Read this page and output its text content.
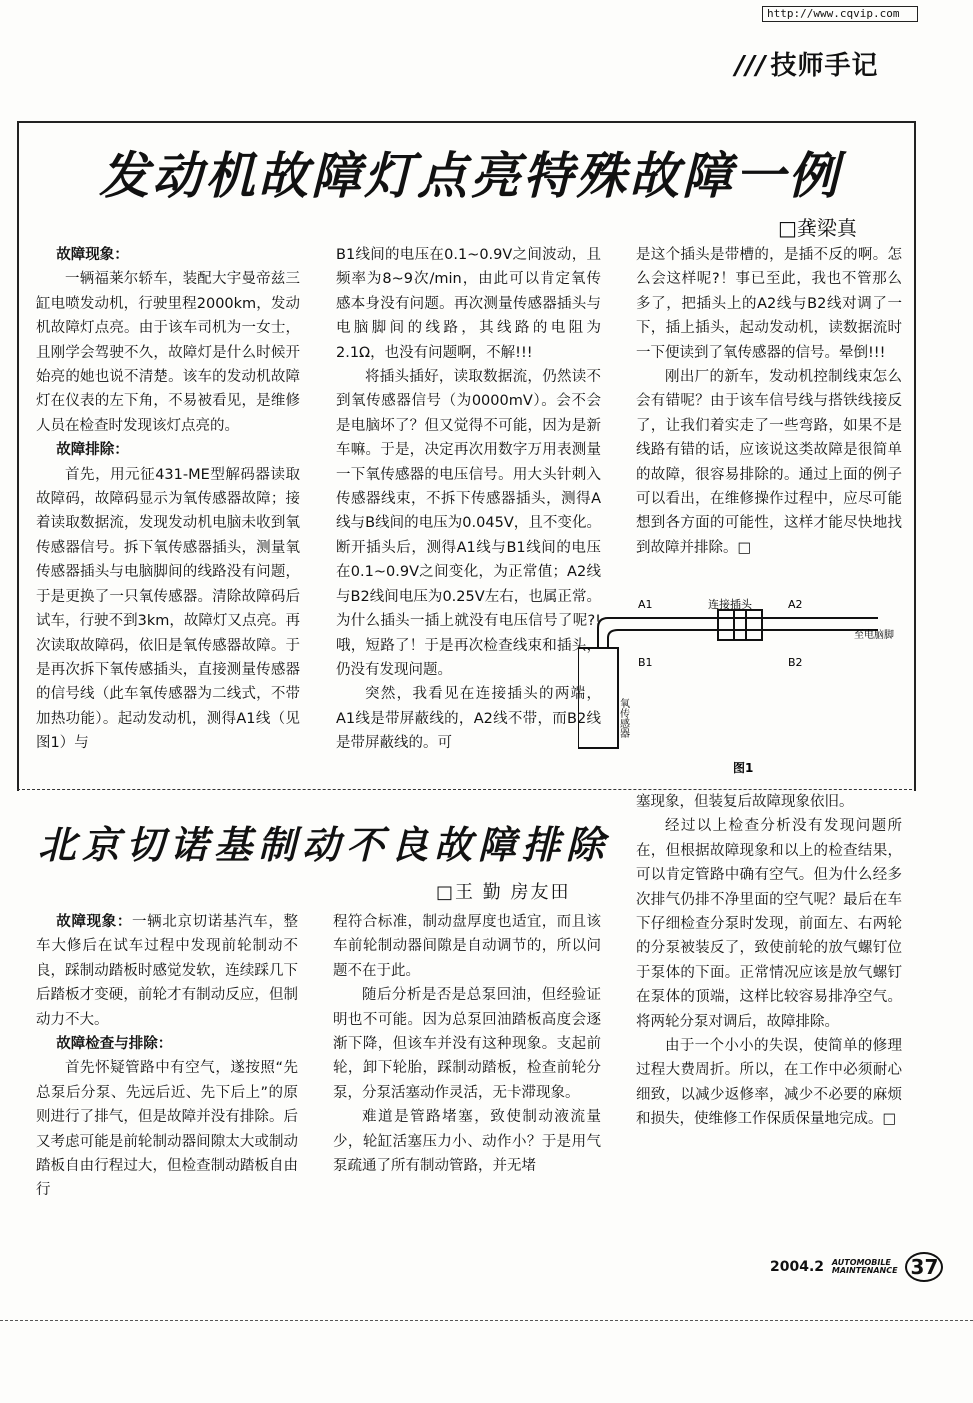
http://www.cqvip.com
/// 技师手记
发动机故障灯点亮特殊故障一例
□龚梁真

故障现象：

一辆福莱尔轿车，装配大宇曼帝兹三缸电喷发动机，行驶里程2000km，发动机故障灯点亮。由于该车司机为一女士，且刚学会驾驶不久，故障灯是什么时候开始亮的她也说不清楚。该车的发动机故障灯在仪表的左下角，不易被看见，是维修人员在检查时发现该灯点亮的。

故障排除：

首先，用元征431-ME型解码器读取故障码，故障码显示为氧传感器故障；接着读取数据流，发现发动机电脑未收到氧传感器信号。拆下氧传感器插头，测量氧传感器插头与电脑脚间的线路没有问题，于是更换了一只氧传感器。清除故障码后试车，行驶不到3km，故障灯又点亮。再次读取故障码，依旧是氧传感器故障。于是再次拆下氧传感插头，直接测量传感器的信号线（此车氧传感器为二线式，不带加热功能）。起动发动机，测得A1线（见图1）与

B1线间的电压在0.1~0.9V之间波动，且频率为8~9次/min，由此可以肯定氧传感本身没有问题。再次测量传感器插头与电脑脚间的线路，其线路的电阻为2.1Ω，也没有问题啊，不解!!!

将插头插好，读取数据流，仍然读不到氧传感器信号（为0000mV）。会不会是电脑坏了？但又觉得不可能，因为是新车嘛。于是，决定再次用数字万用表测量一下氧传感器的电压信号。用大头针刺入传感器线束，不拆下传感器插头，测得A线与B线间的电压为0.045V，且不变化。断开插头后，测得A1线与B1线间的电压在0.1~0.9V之间变化，为正常值；A2线与B2线间电压为0.25V左右，也属正常。为什么插头一插上就没有电压信号了呢?!哦，短路了！于是再次检查线束和插头，仍没有发现问题。

突然，我看见在连接插头的两端，A1线是带屏蔽线的，A2线不带，而B2线是带屏蔽线的。可

是这个插头是带槽的，是插不反的啊。怎么会这样呢?！事已至此，我也不管那么多了，把插头上的A2线与B2线对调了一下，插上插头，起动发动机，读数据流时一下便读到了氧传感器的信号。晕倒!!!

刚出厂的新车，发动机控制线束怎么会有错呢？由于该车信号线与搭铁线接反了，让我们着实走了一些弯路，如果不是线路有错的话，应该说这类故障是很简单的故障，很容易排除的。通过上面的例子可以看出，在维修操作过程中，应尽可能想到各方面的可能性，这样才能尽快地找到故障并排除。□

A1	连接插头	A2
B1	B2
至电脑脚
氧传感器
图1
北京切诺基制动不良故障排除
□王 勤 房友田

故障现象：一辆北京切诺基汽车，整车大修后在试车过程中发现前轮制动不良，踩制动踏板时感觉发软，连续踩几下后踏板才变硬，前轮才有制动反应，但制动力不大。

故障检查与排除：

首先怀疑管路中有空气，遂按照“先总泵后分泵、先远后近、先下后上”的原则进行了排气，但是故障并没有排除。后又考虑可能是前轮制动器间隙太大或制动踏板自由行程过大，但检查制动踏板自由行

程符合标准，制动盘厚度也适宜，而且该车前轮制动器间隙是自动调节的，所以问题不在于此。

随后分析是否是总泵回油，但经验证明也不可能。因为总泵回油踏板高度会逐渐下降，但该车并没有这种现象。支起前轮，卸下轮胎，踩制动踏板，检查前轮分泵，分泵活塞动作灵活，无卡滞现象。

难道是管路堵塞，致使制动液流量少，轮缸活塞压力小、动作小？于是用气泵疏通了所有制动管路，并无堵

塞现象，但装复后故障现象依旧。

经过以上检查分析没有发现问题所在，但根据故障现象和以上的检查结果，可以肯定管路中确有空气。但为什么经多次排气仍排不净里面的空气呢？最后在车下仔细检查分泵时发现，前面左、右两轮的分泵被装反了，致使前轮的放气螺钉位于泵体的下面。正常情况应该是放气螺钉在泵体的顶端，这样比较容易排净空气。将两轮分泵对调后，故障排除。

由于一个小小的失误，使简单的修理过程大费周折。所以，在工作中必须耐心细致，以减少返修率，减少不必要的麻烦和损失，使维修工作保质保量地完成。□

2004.2 AUTOMOBILE
MAINTENANCE 37
